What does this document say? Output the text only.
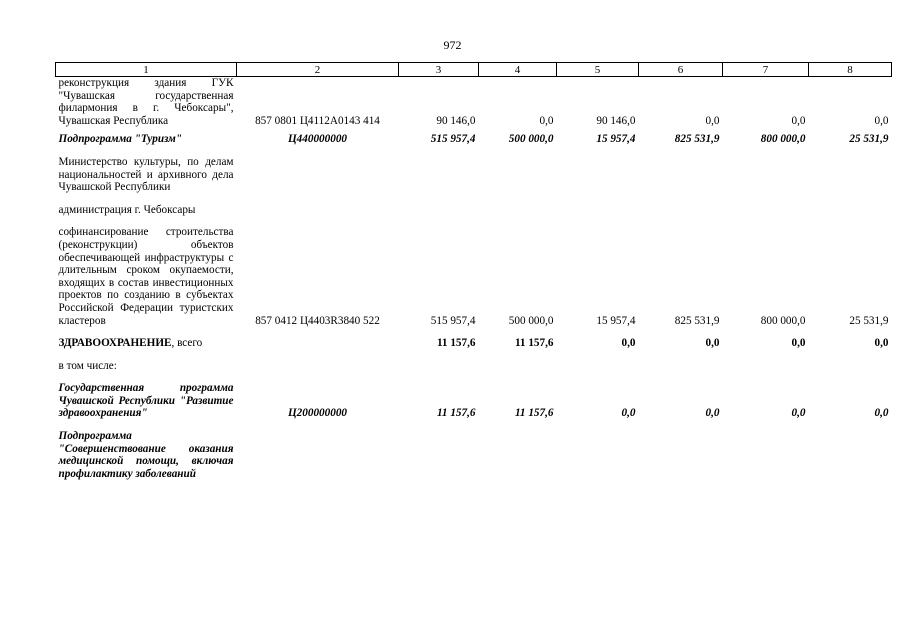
972
1	2	3	4	5	6	7	8
реконструкция здания ГУК "Чувашская государственная филармония в г. Чебоксары", Чувашская Республика	857 0801 Ц4112А0143 414	90 146,0	0,0	90 146,0	0,0	0,0	0,0
Подпрограмма "Туризм"	Ц440000000	515 957,4	500 000,0	15 957,4	825 531,9	800 000,0	25 531,9
Министерство культуры, по делам национальностей и архивного дела Чувашской Республики							
администрация г. Чебоксары							
софинансирование строительства (реконструкции) объектов обеспечивающей инфраструктуры с длительным сроком окупаемости, входящих в состав инвестиционных проектов по созданию в субъектах Российской Федерации туристских кластеров	857 0412 Ц4403R3840 522	515 957,4	500 000,0	15 957,4	825 531,9	800 000,0	25 531,9
ЗДРАВООХРАНЕНИЕ, всего		11 157,6	11 157,6	0,0	0,0	0,0	0,0
в том числе:							
Государственная программа Чувашской Республики "Развитие здравоохранения"	Ц200000000	11 157,6	11 157,6	0,0	0,0	0,0	0,0
Подпрограмма "Совершенствование оказания медицинской помощи, включая профилактику заболеваний							
